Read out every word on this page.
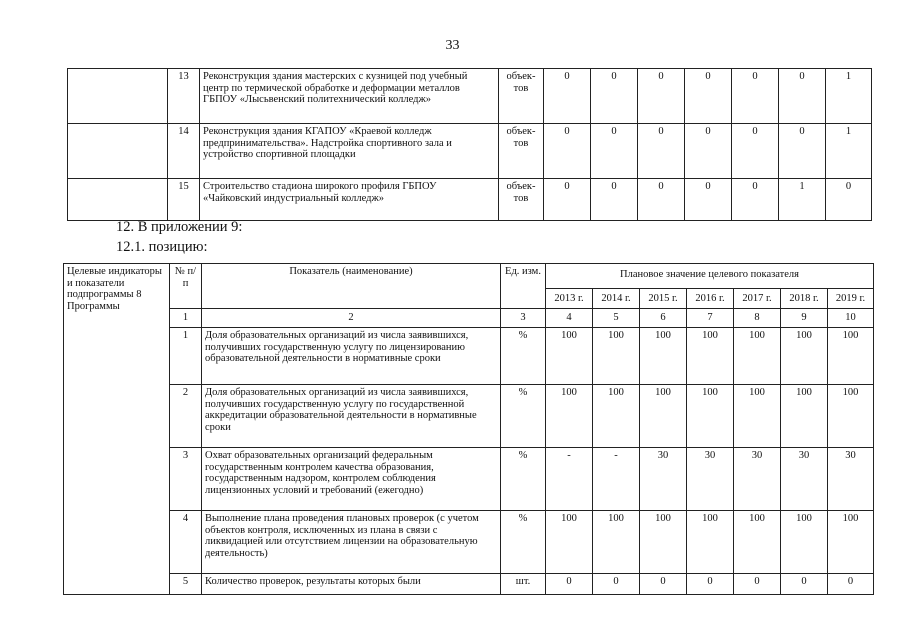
33
	13	Реконструкция здания мастерских с кузницей под учебный центр по термической обработке и деформации металлов ГБПОУ «Лысьвенский политехнический колледж»	объек-тов	0	0	0	0	0	0	1
	14	Реконструкция здания КГАПОУ «Краевой колледж предпринимательства». Надстройка спортивного зала и устройство спортивной площадки	объек-тов	0	0	0	0	0	0	1
	15	Строительство стадиона широкого профиля ГБПОУ «Чайковский индустриальный колледж»	объек-тов	0	0	0	0	0	1	0
12. В приложении 9:
12.1. позицию:
Целевые индикаторы и показатели подпрограммы 8 Программы	№ п/п	Показатель (наименование)	Ед. изм.	Плановое значение целевого показателя						
				2013 г.	2014 г.	2015 г.	2016 г.	2017 г.	2018 г.	2019 г.
	1	2	3	4	5	6	7	8	9	10
	1	Доля образовательных организаций из числа заявившихся, получивших государственную услугу по лицензированию образовательной деятельности в нормативные сроки	%	100	100	100	100	100	100	100
	2	Доля образовательных организаций из числа заявившихся, получивших государственную услугу по государственной аккредитации образовательной деятельности в нормативные сроки	%	100	100	100	100	100	100	100
	3	Охват образовательных организаций федеральным государственным контролем качества образования, государственным надзором, контролем соблюдения лицензионных условий и требований (ежегодно)	%	-	-	30	30	30	30	30
	4	Выполнение плана проведения плановых проверок (с учетом объектов контроля, исключенных из плана в связи с ликвидацией или отсутствием лицензии на образовательную деятельность)	%	100	100	100	100	100	100	100
	5	Количество проверок, результаты которых были	шт.	0	0	0	0	0	0	0
